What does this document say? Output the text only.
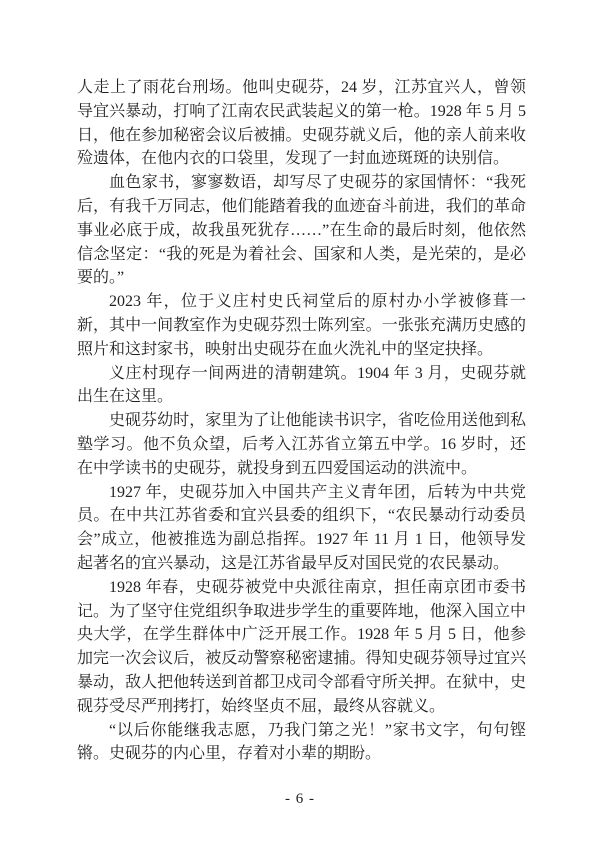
人走上了雨花台刑场。他叫史砚芬，24 岁，江苏宜兴人，曾领导宜兴暴动，打响了江南农民武装起义的第一枪。1928 年 5 月 5 日，他在参加秘密会议后被捕。史砚芬就义后，他的亲人前来收殓遗体，在他内衣的口袋里，发现了一封血迹斑斑的诀别信。

血色家书，寥寥数语，却写尽了史砚芬的家国情怀：“我死后，有我千万同志，他们能踏着我的血迹奋斗前进，我们的革命事业必底于成，故我虽死犹存……”在生命的最后时刻，他依然信念坚定：“我的死是为着社会、国家和人类，是光荣的，是必要的。”

2023 年，位于义庄村史氏祠堂后的原村办小学被修葺一新，其中一间教室作为史砚芬烈士陈列室。一张张充满历史感的照片和这封家书，映射出史砚芬在血火洗礼中的坚定抉择。

义庄村现存一间两进的清朝建筑。1904 年 3 月，史砚芬就出生在这里。

史砚芬幼时，家里为了让他能读书识字，省吃俭用送他到私塾学习。他不负众望，后考入江苏省立第五中学。16 岁时，还在中学读书的史砚芬，就投身到五四爱国运动的洪流中。

1927 年，史砚芬加入中国共产主义青年团，后转为中共党员。在中共江苏省委和宜兴县委的组织下，“农民暴动行动委员会”成立，他被推选为副总指挥。1927 年 11 月 1 日，他领导发起著名的宜兴暴动，这是江苏省最早反对国民党的农民暴动。

1928 年春，史砚芬被党中央派往南京，担任南京团市委书记。为了坚守住党组织争取进步学生的重要阵地，他深入国立中央大学，在学生群体中广泛开展工作。1928 年 5 月 5 日，他参加完一次会议后，被反动警察秘密逮捕。得知史砚芬领导过宜兴暴动，敌人把他转送到首都卫戍司令部看守所关押。在狱中，史砚芬受尽严刑拷打，始终坚贞不屈，最终从容就义。

“以后你能继我志愿，乃我门第之光！”家书文字，句句铿锵。史砚芬的内心里，存着对小辈的期盼。

- 6 -
